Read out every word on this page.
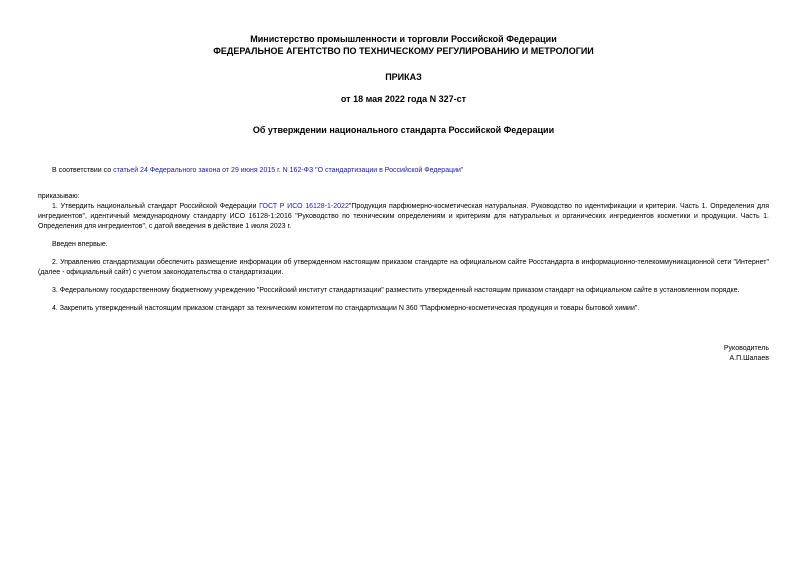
Министерство промышленности и торговли Российской Федерации
ФЕДЕРАЛЬНОЕ АГЕНТСТВО ПО ТЕХНИЧЕСКОМУ РЕГУЛИРОВАНИЮ И МЕТРОЛОГИИ
ПРИКАЗ
от 18 мая 2022 года N 327-ст
Об утверждении национального стандарта Российской Федерации
В соответствии со статьей 24 Федерального закона от 29 июня 2015 г. N 162-ФЗ "О стандартизации в Российской Федерации"
приказываю:
1. Утвердить национальный стандарт Российской Федерации ГОСТ Р ИСО 16128-1-2022"Продукция парфюмерно-косметическая натуральная. Руководство по идентификации и критерии. Часть 1. Определения для ингредиентов", идентичный международному стандарту ИСО 16128-1:2016 "Руководство по техническим определениям и критериям для натуральных и органических ингредиентов косметики и продукции. Часть 1. Определения для ингредиентов", с датой введения в действие 1 июля 2023 г.
Введен впервые.
2. Управлению стандартизации обеспечить размещение информации об утвержденном настоящим приказом стандарте на официальном сайте Росстандарта в информационно-телекоммуникационной сети "Интернет" (далее - официальный сайт) с учетом законодательства о стандартизации.
3. Федеральному государственному бюджетному учреждению "Российский институт стандартизации" разместить утвержденный настоящим приказом стандарт на официальном сайте в установленном порядке.
4. Закрепить утвержденный настоящим приказом стандарт за техническим комитетом по стандартизации N 360 "Парфюмерно-косметическая продукция и товары бытовой химии".
Руководитель
А.П.Шалаев
